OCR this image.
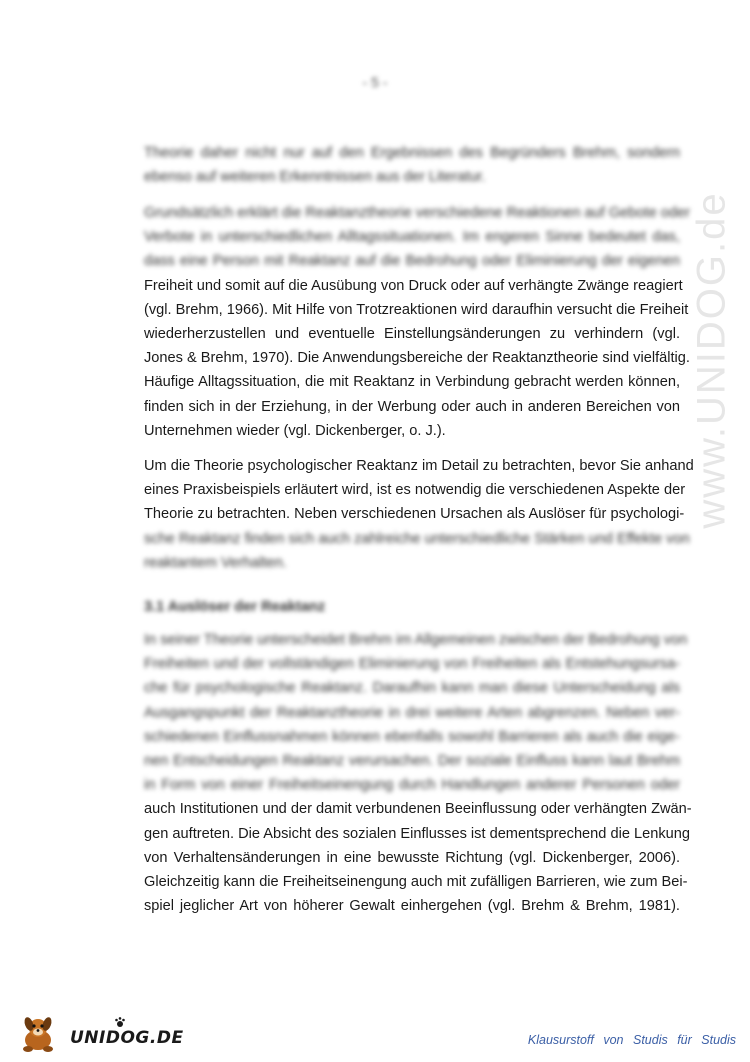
- 5 -
www.UNIDOG.de
Theorie daher nicht nur auf den Ergebnissen des Begründers Brehm, sondern
ebenso auf weiteren Erkenntnissen aus der Literatur.
Grundsätzlich erklärt die Reaktanztheorie verschiedene Reaktionen auf Gebote oder
Verbote in unterschiedlichen Alltagssituationen. Im engeren Sinne bedeutet das,
dass eine Person mit Reaktanz auf die Bedrohung oder Eliminierung der eigenen
Freiheit und somit auf die Ausübung von Druck oder auf verhängte Zwänge reagiert
(vgl. Brehm, 1966). Mit Hilfe von Trotzreaktionen wird daraufhin versucht die Freiheit
wiederherzustellen und eventuelle Einstellungsänderungen zu verhindern (vgl.
Jones & Brehm, 1970). Die Anwendungsbereiche der Reaktanztheorie sind vielfältig.
Häufige Alltagssituation, die mit Reaktanz in Verbindung gebracht werden können,
finden sich in der Erziehung, in der Werbung oder auch in anderen Bereichen von
Unternehmen wieder (vgl. Dickenberger, o. J.).
Um die Theorie psychologischer Reaktanz im Detail zu betrachten, bevor Sie anhand
eines Praxisbeispiels erläutert wird, ist es notwendig die verschiedenen Aspekte der
Theorie zu betrachten. Neben verschiedenen Ursachen als Auslöser für psychologi-
sche Reaktanz finden sich auch zahlreiche unterschiedliche Stärken und Effekte von
reaktantem Verhalten.
3.1 Auslöser der Reaktanz
In seiner Theorie unterscheidet Brehm im Allgemeinen zwischen der Bedrohung von
Freiheiten und der vollständigen Eliminierung von Freiheiten als Entstehungsursa-
che für psychologische Reaktanz. Daraufhin kann man diese Unterscheidung als
Ausgangspunkt der Reaktanztheorie in drei weitere Arten abgrenzen. Neben ver-
schiedenen Einflussnahmen können ebenfalls sowohl Barrieren als auch die eige-
nen Entscheidungen Reaktanz verursachen. Der soziale Einfluss kann laut Brehm
in Form von einer Freiheitseinengung durch Handlungen anderer Personen oder
auch Institutionen und der damit verbundenen Beeinflussung oder verhängten Zwän-
gen auftreten. Die Absicht des sozialen Einflusses ist dementsprechend die Lenkung
von Verhaltensänderungen in eine bewusste Richtung (vgl. Dickenberger, 2006).
Gleichzeitig kann die Freiheitseinengung auch mit zufälligen Barrieren, wie zum Bei-
spiel jeglicher Art von höherer Gewalt einhergehen (vgl. Brehm & Brehm, 1981).
UNIDOG.DE	Klausurstoff von Studis für Studis
